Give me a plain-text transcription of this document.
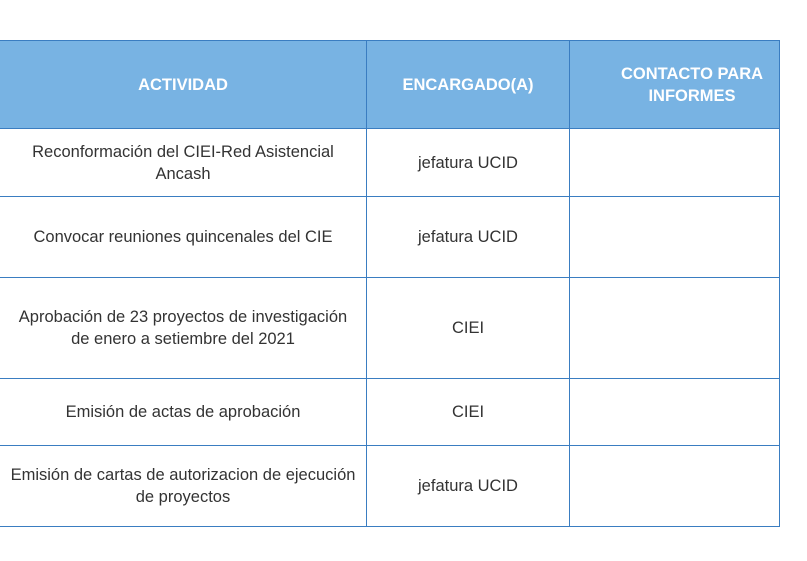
ACTIVIDAD	ENCARGADO(A)	CONTACTO PARA INFORMES

Reconformación del CIEI-Red Asistencial Ancash	jefatura UCID	
Convocar reuniones quincenales del CIE	jefatura UCID	
Aprobación de 23 proyectos de investigación de enero a setiembre del 2021	CIEI	
Emisión de actas de aprobación	CIEI	
Emisión de cartas de autorizacion de ejecución de proyectos	jefatura UCID	
